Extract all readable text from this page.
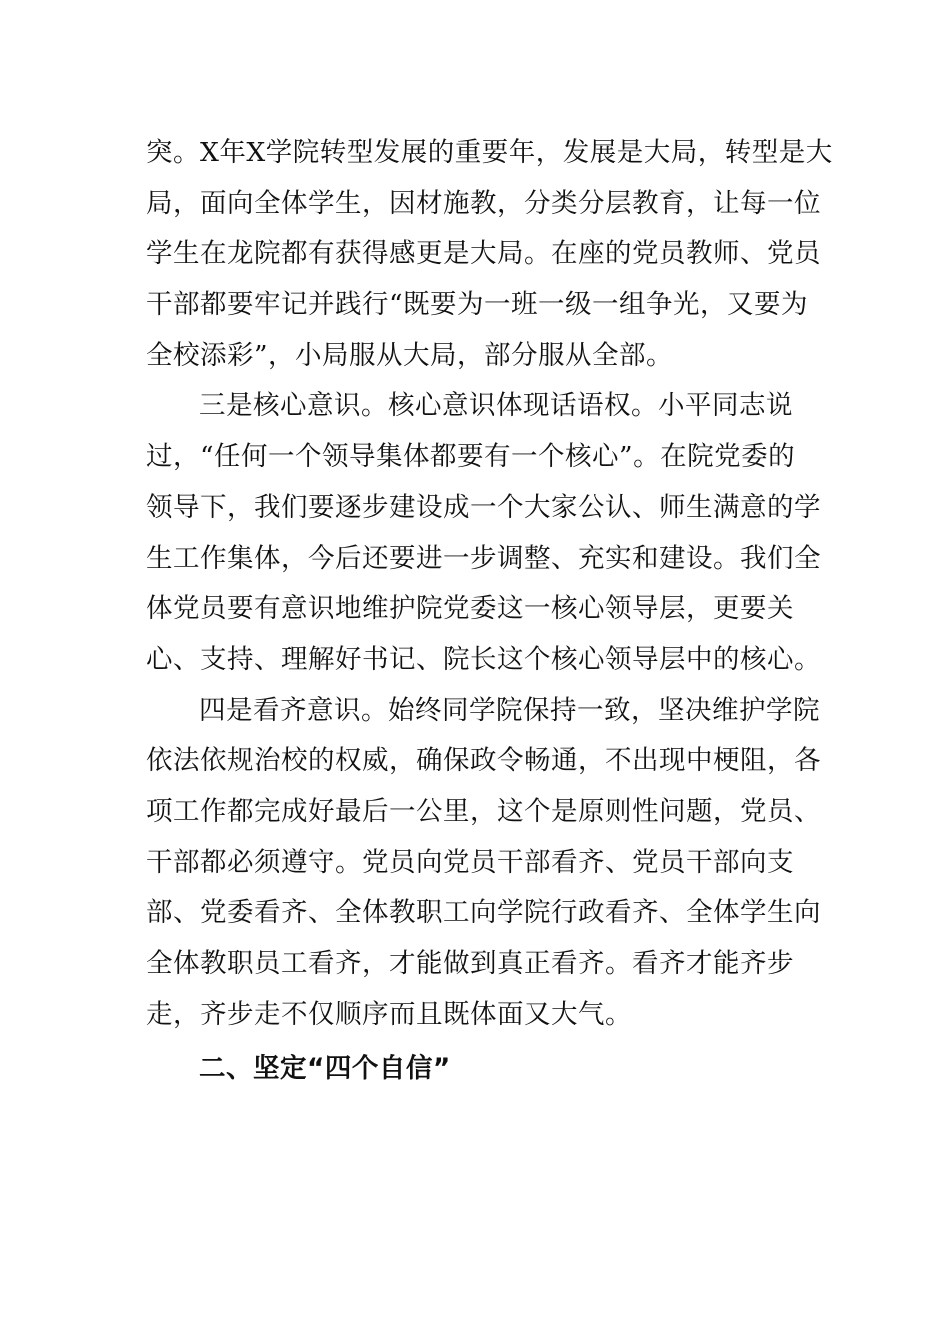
突。X年X学院转型发展的重要年，发展是大局，转型是大
局，面向全体学生，因材施教，分类分层教育，让每一位
学生在龙院都有获得感更是大局。在座的党员教师、党员
干部都要牢记并践行“既要为一班一级一组争光，又要为
全校添彩”，小局服从大局，部分服从全部。
三是核心意识。核心意识体现话语权。小平同志说
过，“任何一个领导集体都要有一个核心”。在院党委的
领导下，我们要逐步建设成一个大家公认、师生满意的学
生工作集体，今后还要进一步调整、充实和建设。我们全
体党员要有意识地维护院党委这一核心领导层，更要关
心、支持、理解好书记、院长这个核心领导层中的核心。
四是看齐意识。始终同学院保持一致，坚决维护学院
依法依规治校的权威，确保政令畅通，不出现中梗阻，各
项工作都完成好最后一公里，这个是原则性问题，党员、
干部都必须遵守。党员向党员干部看齐、党员干部向支
部、党委看齐、全体教职工向学院行政看齐、全体学生向
全体教职员工看齐，才能做到真正看齐。看齐才能齐步
走，齐步走不仅顺序而且既体面又大气。
二、坚定“四个自信”
